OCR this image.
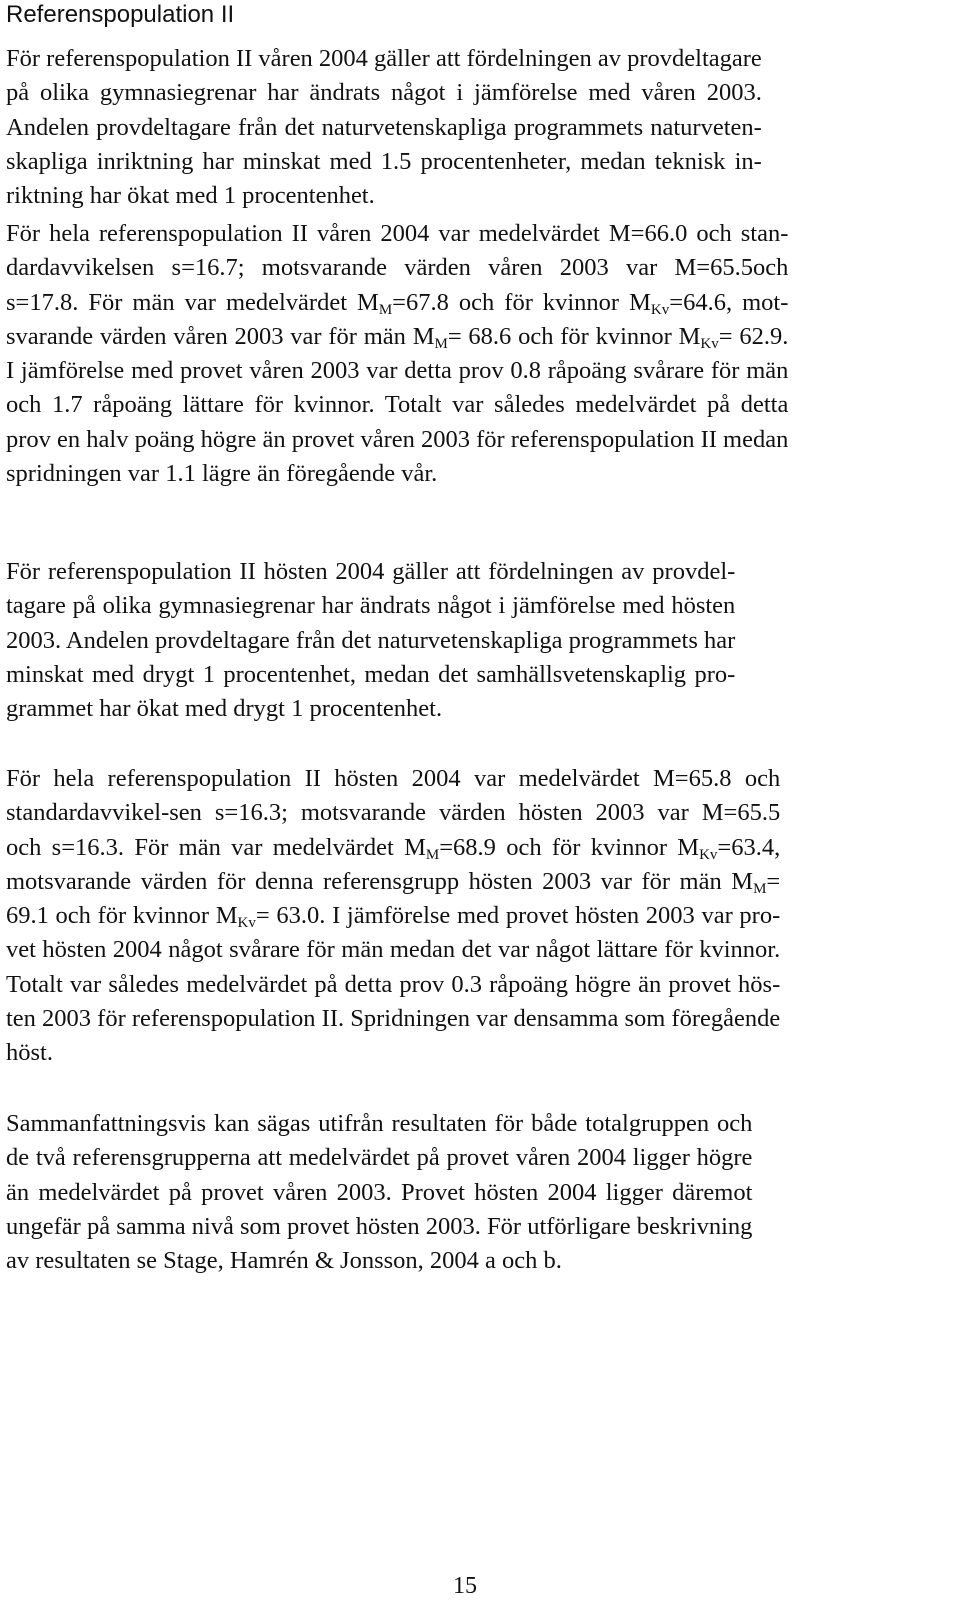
Referenspopulation II
För referenspopulation II våren 2004 gäller att fördelningen av provdeltagare
på olika gymnasiegrenar har ändrats något i jämförelse med våren 2003.
Andelen provdeltagare från det naturvetenskapliga programmets naturveten-
skapliga inriktning har minskat med 1.5 procentenheter, medan teknisk in-
riktning har ökat med 1 procentenhet.
För hela referenspopulation II våren 2004 var medelvärdet M=66.0 och stan-
dardavvikelsen s=16.7; motsvarande värden våren 2003 var M=65.5och
s=17.8. För män var medelvärdet $M_M=67.8$ och för kvinnor $M_{Kv}=64.6$, mot-
svarande värden våren 2003 var för män $M_M= 68.6$ och för kvinnor $M_{Kv}= 62.9$.
I jämförelse med provet våren 2003 var detta prov 0.8 råpoäng svårare för män
och 1.7 råpoäng lättare för kvinnor. Totalt var således medelvärdet på detta
prov en halv poäng högre än provet våren 2003 för referenspopulation II medan
spridningen var 1.1 lägre än föregående vår.
För referenspopulation II hösten 2004 gäller att fördelningen av provdel-
tagare på olika gymnasiegrenar har ändrats något i jämförelse med hösten
2003. Andelen provdeltagare från det naturvetenskapliga programmets har
minskat med drygt 1 procentenhet, medan det samhällsvetenskaplig pro-
grammet har ökat med drygt 1 procentenhet.
För hela referenspopulation II hösten 2004 var medelvärdet M=65.8 och
standardavvikel-sen s=16.3; motsvarande värden hösten 2003 var M=65.5
och s=16.3. För män var medelvärdet $M_M=68.9$ och för kvinnor $M_{Kv}=63.4$,
motsvarande värden för denna referensgrupp hösten 2003 var för män $M_M=$
69.1 och för kvinnor $M_{Kv}= 63.0$. I jämförelse med provet hösten 2003 var pro-
vet hösten 2004 något svårare för män medan det var något lättare för kvinnor.
Totalt var således medelvärdet på detta prov 0.3 råpoäng högre än provet hös-
ten 2003 för referenspopulation II. Spridningen var densamma som föregående
höst.
Sammanfattningsvis kan sägas utifrån resultaten för både totalgruppen och
de två referensgrupperna att medelvärdet på provet våren 2004 ligger högre
än medelvärdet på provet våren 2003. Provet hösten 2004 ligger däremot
ungefär på samma nivå som provet hösten 2003. För utförligare beskrivning
av resultaten se Stage, Hamrén & Jonsson, 2004 a och b.
15
